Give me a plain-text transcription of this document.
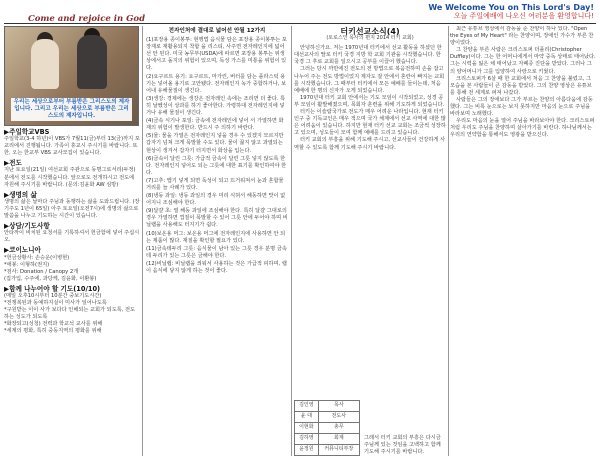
Come and rejoice in God
We Welcome You on This Lord's Day!
오늘 주일예배에 나오신 여러분을 환영합니다!
우리는 세상으로부터 부름받은 그리스도의 제자입니다. 그리고 우리는 세상으로 부름받은 그리스도의 제자입니다.
▶주일학교VBS

주일학교(3-4 하년)이 VBS가 7월11(금)부터 13(금)까지 포교리에서 진행됩니다. 가족이 휴교시 주시기를 바랍니다. 또한, 오는 한교부 VBS 교사모집이 있습니다.

▶전도

지난 토요일(21일) 여선교회 주관으로 동명그로서리(두정) 분에서 전도를 시작했습니다. 앞으로도 전개하시고 전도에 자원해 주시기를 바랍니다. (문의:김윤화 AW 심방)

▶생명의 삶

생명의 삶은 날마다 주님과 동행하는 삶을 도와드립니다. (장기주도 1년이 65일) 아주 토요일(오전7시)에 생명의 삶으로 말씀을 나누고 기도하는 시간이 있습니다.

▶상담/기도사항

안타까이 비치된 요청서를 기록하셔서 헌금함에 넣어 주십시오.

▶코이노니아

*헌금상황사: 손승운(이병현)
*애봉: 이형하(권지)
*검사: Donation / Canopy 2개
(집가입, 수주에, 과당케, 김윤화, 이환봉)

▶함께 나누어야 할 기도(10/10)

(매일 오후10시부터 10분간 중보기도시간)
*전쟁복된과 동예하지실이 미사가 일어나도록
*구원받는 이이 사가 보다다 인해되는 교회가 되도록, 전도하는 성도가 되도록
*화장되고(성청) 전력과 학교석 교사를 위해
*세계의 평화, 특히 중동지역의 평화를 위해

전자인처에 결대로 넓어선 안될 12가지

(1)포장용 종이봉투: 현행법 음식물 담은 포장용 종이봉투는 포장재로 재활용되지 착합 을 리스티, 사주면 전자레인지에 넓어선 안 된다. 미국 농무부(USDA)에 따르면 포장용 봉투는 위생상에서고 돌지의 위험이 있으며, 독성 가스를 미통을 위험이 있다.

(2)요구르트 용기: 요구르트, 마가린, 버터를 담는 플라스틱 용기는 넣어올 용기로 고안됐다. 전자레인지 녹가 중합하거나, 보어내 유해물질이 생긴다.

(3)생강: 경제에는 생강은 전자레인 속에는 조리면 더 좋다. 특히 날쌨성이 상과를 하기 좋아한다. 가령하대 전자레인지에 넣거나 유해 물질이 생긴다.

(4)금속 식기나 포일: 금속에 전자레인에 넣어 서 가열하면 화재의 위험이 발생한다. 반드시 주 의하기 바란다.

(5)물: 물을 가열은 전자레인지 넣을 경우 수 있겠지 모르지만 갑자기 넘쳐 크게 폭발할 수도 있다. 물이 끓지 않고 과열되는 현상이 생겨서 갑자기 터지면서 화상을 입는다.

(6)금속이 달린 그릇: 가급적 금속이 달린 그릇 넣지 않도록 한다. 전자레인지 넣어도 되는 그릇에 대한 표기를 확인하여야 한다.

(7)고추: 맵기 넣게 되면 독성이 되고 뜨거워져서 눈과 혼합물 거리를 늘 사례가 있다.

(8)냉동 과일: 냉동 과일의 경우 미리 식혀서 해동하면 맛이 없어지니 조심해야 한다.

(9)달걀 초: 열 해동 과일에 조심해야 한다. 특히 달걀 그대로의 경우 가열하면 껍질이 폭발할 수 있어 그릇 안에 두어야 하며 비닐랩을 사용해도 터지기가 쉽다.

(10)보온용 머그: 보온용 머그에 전자레인지에 사용하면 안 되는 제품이 많다. 재질을 확인할 필요가 있다.

(11)금속테두리 그릇: 음식물이 남아 있는 그릇 경우 분명 금속테 두리가 있는 그릇은 금해야 한다.

(12)비닐랩: 비닐랩을 씌워서 사용하는 것은 가급적 피하며, 랩이 음식에 닿지 않게 하는 것이 좋다.

터키선교소식(4)
(토로스인 목사의 편지 2014 터키 교회)

안녕하신가요. 저는 1970년대 터키에서 선교 활동을 하셨던 한 대선교사의 딸로 터키 국경 지방 학 교회 기관을 시작했습니다. 한 국경 그 후로 교회를 일으시고 공부를 이끌어 했습니다.

그러는 당시 까만에진 전도의 전 방법으로 복음전하며 손을 잡고 나누어 주는 전도 방법이었지 제자도 잘 안에서 혼란이 빠지는 교회를 시작했습니다. 그 때부터 터키에서 모든 예배를 들이는데, 처음 예배에 한 명의 신자가 오게 되었습니다.

1970년대 터키 교회 안에서는 기도 모임이 시작되었고, 성경 공부 모임이 활발해졌으며, 목회자 훈련을 위해 기도하게 되었습니다.

터키는 이슬람국가로 전도가 매우 어려운 나라입니다. 현재 터키 인구 중 기독교인은 매우 적으며 국가 체제에서 선교 사역에 대한 많은 어려움이 있습니다. 하지만 현재 터키 선교 교회는 조금씩 성장하고 있으며, 성도들이 모여 함께 예배를 드리고 있습니다.

터키 교회의 부흥을 위해 기도해 주시고, 선교사들이 건강하게 사역할 수 있도록 함께 기도해 주시기 바랍니다.

김인영	목사
윤 대	전도사
이현화	총무
김하영	회계
윤정원	커뮤니티부장
그래서 터키 교회의 부흥은 다시금 주님께 있는 것임을 고백하고 함께 기도해 주시기를 바랍니다.

최근 유튜브 영상에서 감동을 준 찬양이 하나 있다. "Open the Eyes of My Heart" 라는 찬양이며, 장애인 가수가 부른 찬양이었다.

그 찬양을 부른 사람은 크리스토퍼 더플리(Christopher Duffley)이다. 그는 한 어머니에게서 마약 중독 상태로 태어났다. 그는 시력을 잃은 채 태어났고 자폐증 진단을 받았다. 그러나 그의 양어머니가 그를 입양하여 사랑으로 키웠다.

크리스토퍼가 6살 때 한 교회에서 처음 그 찬양을 불렀고, 그 모습을 본 사람들이 큰 감동을 받았다. 그의 찬양 영상은 유튜브를 통해 전 세계로 퍼져 나갔다.

사람들은 그의 장애보다 그가 부르는 찬양의 아름다움에 감동했다. 그는 비록 눈으로는 보지 못하지만 마음의 눈으로 주님을 바라보며 노래했다.

우리도 마음의 눈을 열어 주님을 바라보아야 한다. 크리스토퍼처럼 우리도 주님을 찬양하며 살아가기를 바란다. 하나님께서는 우리의 연약함을 통해서도 영광을 받으신다.
